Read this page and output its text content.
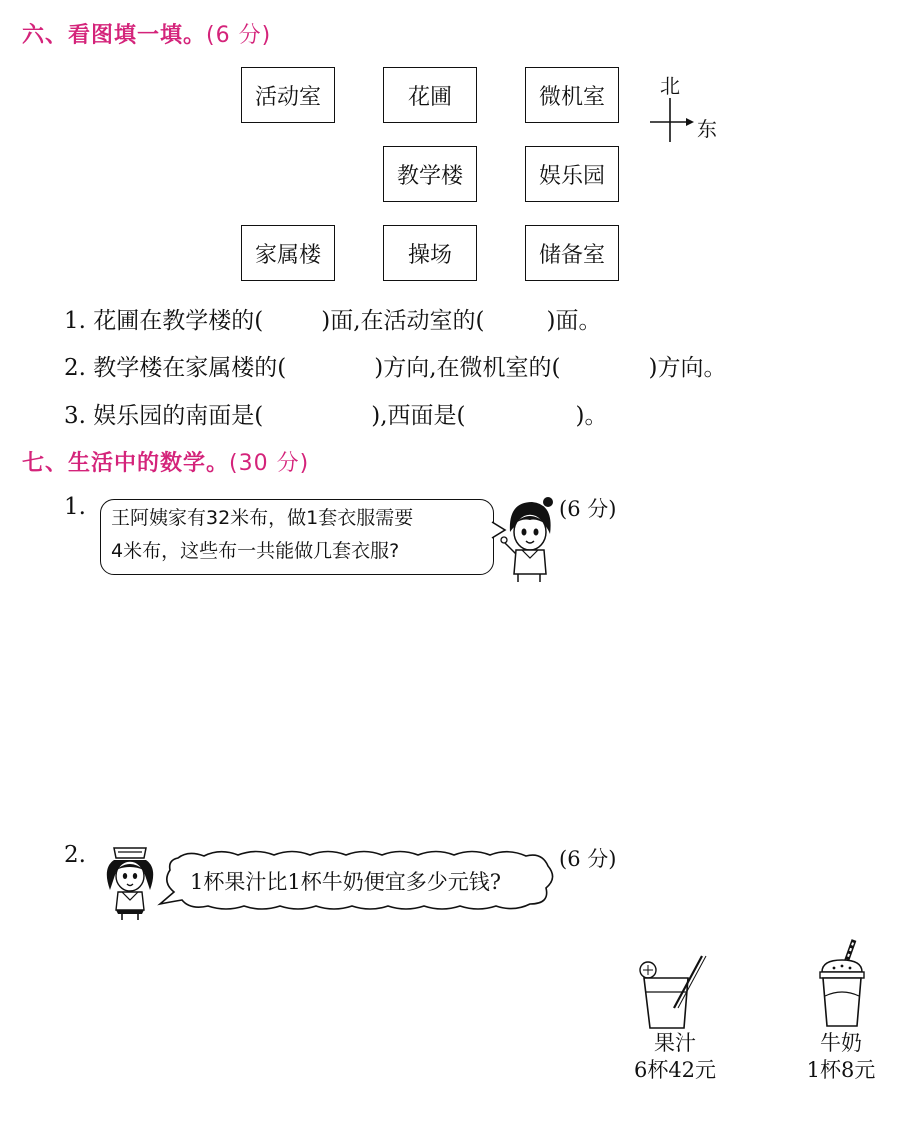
六、看图填一填。(6 分)
活动室	花圃	微机室
教学楼	娱乐园
家属楼	操场	储备室
北
东
1. 花圃在教学楼的(	)面,在活动室的(	)面。
2. 教学楼在家属楼的(	)方向,在微机室的(	)方向。
3. 娱乐园的南面是(	),西面是(	)。
七、生活中的数学。(30 分)
1. 王阿姨家有32米布，做1套衣服需要
4米布，这些布一共能做几套衣服?
(6 分)
2.
1杯果汁比1杯牛奶便宜多少元钱?
(6 分)
果汁
6杯42元
牛奶
1杯8元
